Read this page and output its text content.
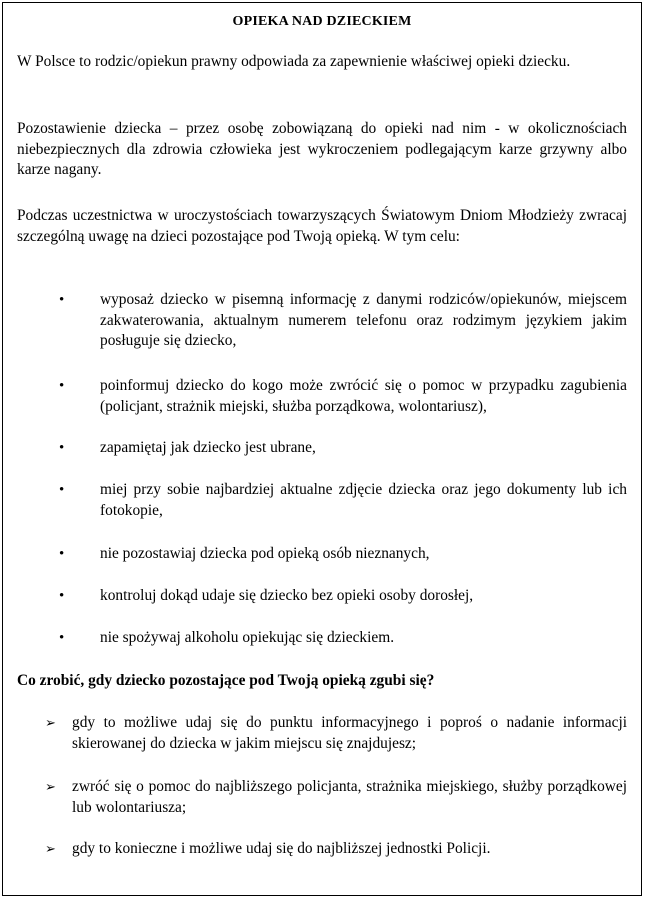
OPIEKA NAD DZIECKIEM

W Polsce to rodzic/opiekun prawny odpowiada za zapewnienie właściwej opieki dziecku.

Pozostawienie dziecka – przez osobę zobowiązaną do opieki nad nim - w okolicznościach niebezpiecznych dla zdrowia człowieka jest wykroczeniem podlegającym karze grzywny albo karze nagany.

Podczas uczestnictwa w uroczystościach towarzyszących Światowym Dniom Młodzieży zwracaj szczególną uwagę na dzieci pozostające pod Twoją opieką. W tym celu:

•	wyposaż dziecko w pisemną informację z danymi rodziców/opiekunów, miejscem zakwaterowania, aktualnym numerem telefonu oraz rodzimym językiem jakim posługuje się dziecko,
•	poinformuj dziecko do kogo może zwrócić się o pomoc w przypadku zagubienia (policjant, strażnik miejski, służba porządkowa, wolontariusz),
•	zapamiętaj jak dziecko jest ubrane,
•	miej przy sobie najbardziej aktualne zdjęcie dziecka oraz jego dokumenty lub ich fotokopie,
•	nie pozostawiaj dziecka pod opieką osób nieznanych,
•	kontroluj dokąd udaje się dziecko bez opieki osoby dorosłej,
•	nie spożywaj alkoholu opiekując się dzieckiem.
Co zrobić, gdy dziecko pozostające pod Twoją opieką zgubi się?
➢ gdy to możliwe udaj się do punktu informacyjnego i poproś o nadanie informacji skierowanej do dziecka w jakim miejscu się znajdujesz;
➢ zwróć się o pomoc do najbliższego policjanta, strażnika miejskiego, służby porządkowej lub wolontariusza;
➢ gdy to konieczne i możliwe udaj się do najbliższej jednostki Policji.
